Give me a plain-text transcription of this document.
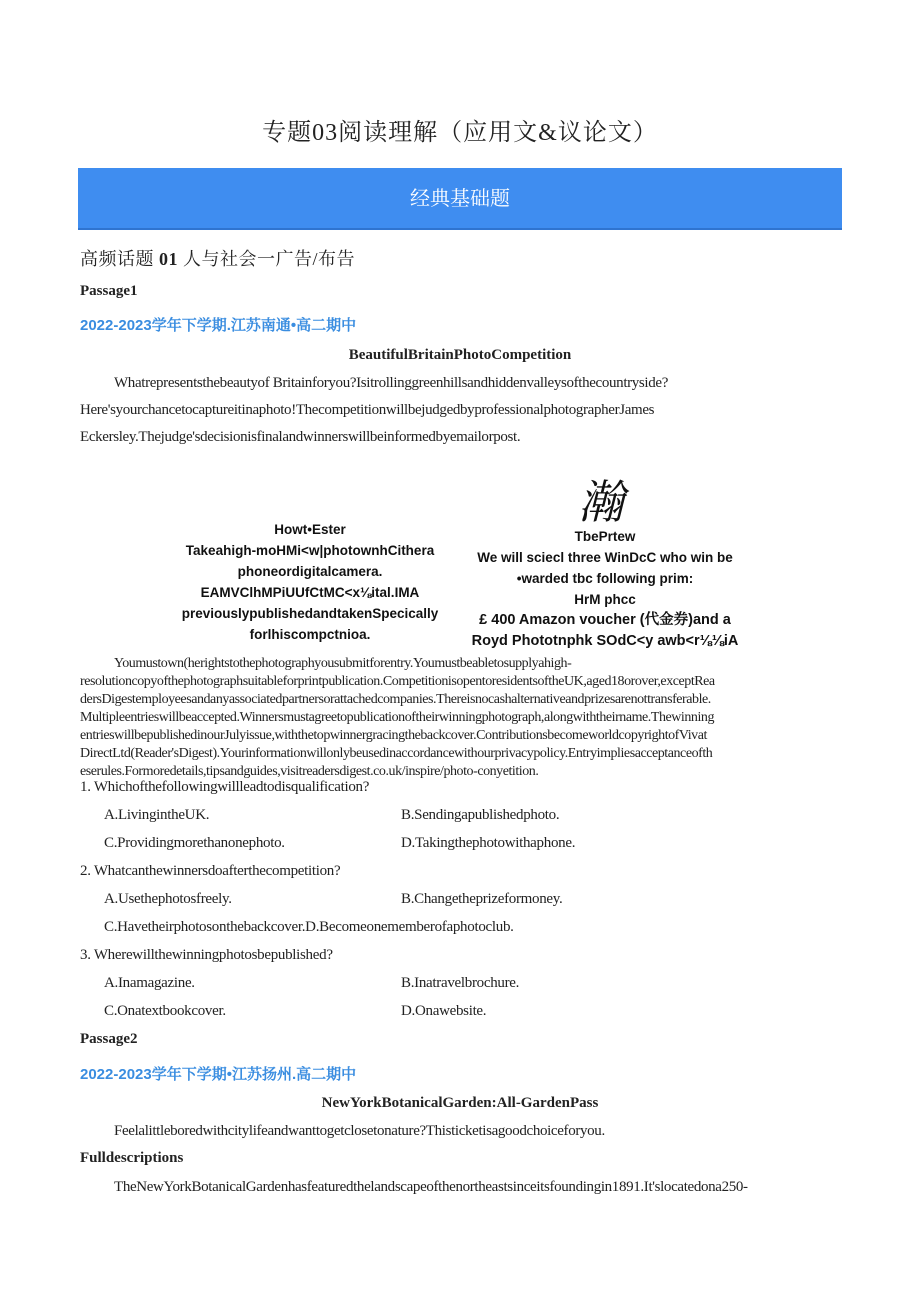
专题03阅读理解（应用文&议论文）
经典基础题
高频话题 01 人与社会一广告/布告
Passage1
2022-2023学年下学期.江苏南通•高二期中
BeautifulBritainPhotoCompetition
Whatrepresentsthebeautyof Britainforyou?Isitrollinggreenhillsandhiddenvalleysofthecountryside?
Here'syourchancetocaptureitinaphoto!ThecompetitionwillbejudgedbyprofessionalphotographerJames
Eckersley.Thejudge'sdecisionisfinalandwinnerswillbeinformedbyemailorpost.
瀚
Howt•Ester
Takeahigh-moHMi<w|photownhCithera
phoneordigitalcamera.
EAMVClhMPiUUfCtMC<x⅛ital.IMA
previouslypublishedandtakenSpecically
forlhiscompctnioa.
TbePrtew
We will sciecl three WinDcC who win be
•warded tbc following prim:
HrM phcc
£ 400 Amazon voucher (代金券)and a
Royd Phototnphk SOdC<y awb<r⅛⅛iA
Youmustown(herightstothephotographyousubmitforentry.Youmustbeabletosupplyahigh-
resolutioncopyofthephotographsuitableforprintpublication.CompetitionisopentoresidentsoftheUK,aged18orover,exceptRea
dersDigestemployeesandanyassociatedpartnersorattachedcompanies.Thereisnocashalternativeandprizesarenottransferable.
Multipleentrieswillbeaccepted.Winnersmustagreetopublicationoftheirwinningphotograph,alongwiththeirname.Thewinning
entrieswillbepublishedinourJulyissue,withthetopwinnergracingthebackcover.ContributionsbecomeworldcopyrightofVivat
DirectLtd(Reader'sDigest).Yourinformationwillonlybeusedinaccordancewithourprivacypolicy.Entryimpliesacceptanceofth
eserules.Formoredetails,tipsandguides,visitreadersdigest.co.uk/inspire/photo-conyetition.
1. Whichofthefollowingwillleadtodisqualification?
A.LivingintheUK.	B.Sendingapublishedphoto.
C.Providingmorethanonephoto.	D.Takingthephotowithaphone.
2. Whatcanthewinnersdoafterthecompetition?
A.Usethephotosfreely.	B.Changetheprizeformoney.
C.Havetheirphotosonthebackcover.D.Becomeonememberofaphotoclub.
3. Wherewillthewinningphotosbepublished?
A.Inamagazine.	B.Inatravelbrochure.
C.Onatextbookcover.	D.Onawebsite.
Passage2
2022-2023学年下学期•江苏扬州.高二期中
NewYorkBotanicalGarden:All-GardenPass
Feelalittleboredwithcitylifeandwanttogetclosetonature?Thisticketisagoodchoiceforyou.
Fulldescriptions
TheNewYorkBotanicalGardenhasfeaturedthelandscapeofthenortheastsinceitsfoundingin1891.It'slocatedona250-
